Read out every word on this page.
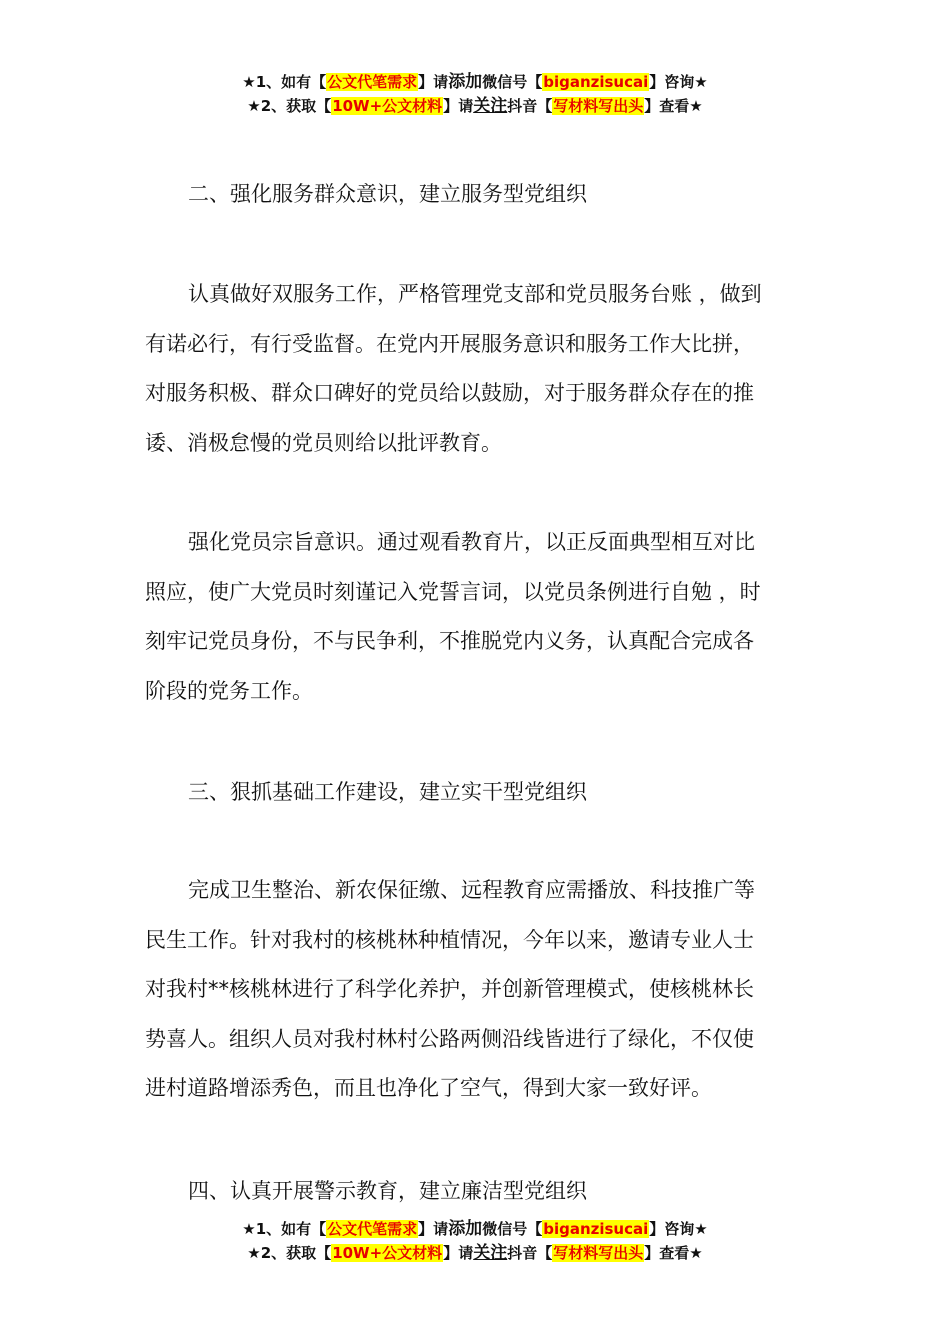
★1、如有【公文代笔需求】请添加微信号【biganzisucai】咨询★
★2、获取【10W+公文材料】请关注抖音【写材料写出头】查看★
二、强化服务群众意识，建立服务型党组织
认真做好双服务工作，严格管理党支部和党员服务台账 ，做到
有诺必行，有行受监督。在党内开展服务意识和服务工作大比拼，
对服务积极、群众口碑好的党员给以鼓励，对于服务群众存在的推
诿、消极怠慢的党员则给以批评教育。
强化党员宗旨意识。通过观看教育片，以正反面典型相互对比
照应，使广大党员时刻谨记入党誓言词，以党员条例进行自勉 ，时
刻牢记党员身份，不与民争利，不推脱党内义务，认真配合完成各
阶段的党务工作。
三、狠抓基础工作建设，建立实干型党组织
完成卫生整治、新农保征缴、远程教育应需播放、科技推广等
民生工作。针对我村的核桃林种植情况，今年以来，邀请专业人士
对我村**核桃林进行了科学化养护，并创新管理模式，使核桃林长
势喜人。组织人员对我村林村公路两侧沿线皆进行了绿化，不仅使
进村道路增添秀色，而且也净化了空气，得到大家一致好评。
四、认真开展警示教育，建立廉洁型党组织
★1、如有【公文代笔需求】请添加微信号【biganzisucai】咨询★
★2、获取【10W+公文材料】请关注抖音【写材料写出头】查看★
